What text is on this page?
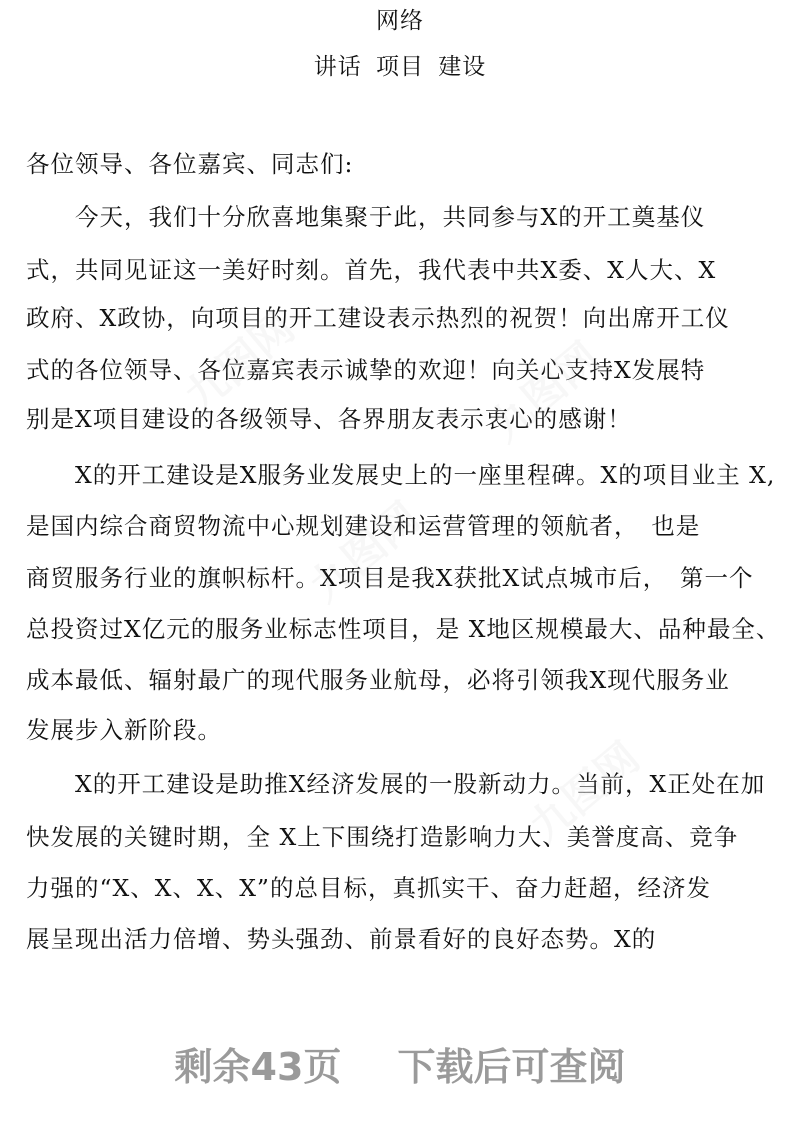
网络
讲话 项目 建设
各位领导、各位嘉宾、同志们:
　　今天，我们十分欣喜地集聚于此，共同参与X的开工奠基仪
式，共同见证这一美好时刻。首先，我代表中共X委、X人大、X
政府、X政协，向项目的开工建设表示热烈的祝贺！向出席开工仪
式的各位领导、各位嘉宾表示诚挚的欢迎！向关心支持X发展特
别是X项目建设的各级领导、各界朋友表示衷心的感谢！
　　X的开工建设是X服务业发展史上的一座里程碑。X的项目业主 X,
是国内综合商贸物流中心规划建设和运营管理的领航者，　也是
商贸服务行业的旗帜标杆。X项目是我X获批X试点城市后，　第一个
总投资过X亿元的服务业标志性项目，是 X地区规模最大、品种最全、
成本最低、辐射最广的现代服务业航母，必将引领我X现代服务业
发展步入新阶段。
　　X的开工建设是助推X经济发展的一股新动力。当前，X正处在加
快发展的关键时期，全 X上下围绕打造影响力大、美誉度高、竞争
力强的“X、X、X、X”的总目标，真抓实干、奋力赶超，经济发
展呈现出活力倍增、势头强劲、前景看好的良好态势。X的
九图网	九图网
九图网
九图网
剩余43页 下载后可查阅
